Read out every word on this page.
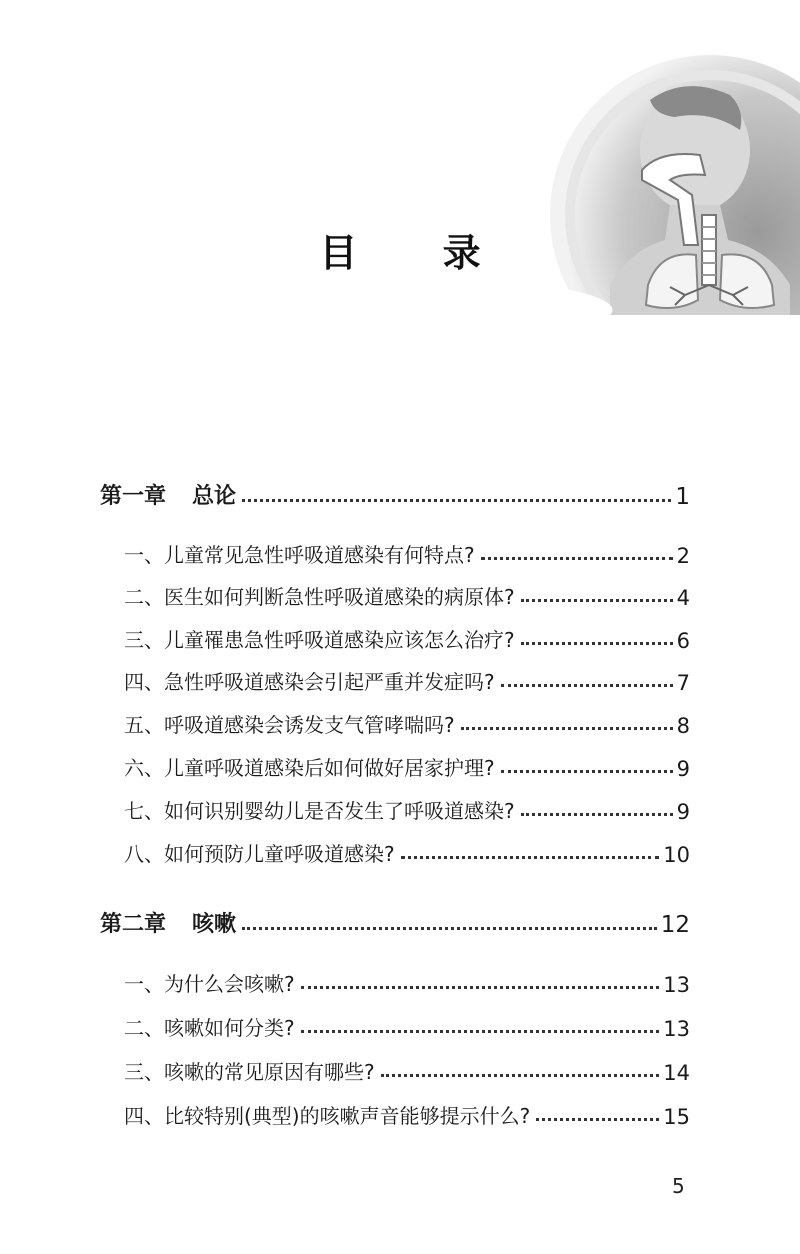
目 录
第一章 总论	1
一、儿童常见急性呼吸道感染有何特点?	2
二、医生如何判断急性呼吸道感染的病原体?	4
三、儿童罹患急性呼吸道感染应该怎么治疗?	6
四、急性呼吸道感染会引起严重并发症吗?	7
五、呼吸道感染会诱发支气管哮喘吗?	8
六、儿童呼吸道感染后如何做好居家护理?	9
七、如何识别婴幼儿是否发生了呼吸道感染?	9
八、如何预防儿童呼吸道感染?	10
第二章 咳嗽	12
一、为什么会咳嗽?	13
二、咳嗽如何分类?	13
三、咳嗽的常见原因有哪些?	14
四、比较特别(典型)的咳嗽声音能够提示什么?	15
5
